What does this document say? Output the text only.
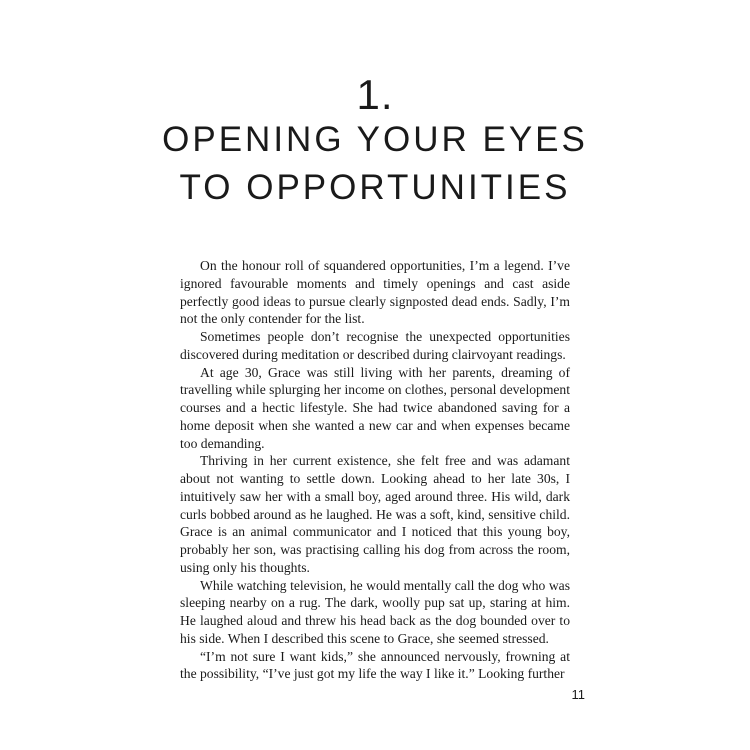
1.
OPENING YOUR EYES
TO OPPORTUNITIES

On the honour roll of squandered opportunities, I’m a legend. I’ve ignored favourable moments and timely openings and cast aside perfectly good ideas to pursue clearly signposted dead ends. Sadly, I’m not the only contender for the list.

Sometimes people don’t recognise the unexpected opportunities discovered during meditation or described during clairvoyant readings.

At age 30, Grace was still living with her parents, dreaming of travelling while splurging her income on clothes, personal development courses and a hectic lifestyle. She had twice abandoned saving for a home deposit when she wanted a new car and when expenses became too demanding.

Thriving in her current existence, she felt free and was adamant about not wanting to settle down. Looking ahead to her late 30s, I intuitively saw her with a small boy, aged around three. His wild, dark curls bobbed around as he laughed. He was a soft, kind, sensitive child. Grace is an animal communicator and I noticed that this young boy, probably her son, was practising calling his dog from across the room, using only his thoughts.

While watching television, he would mentally call the dog who was sleeping nearby on a rug. The dark, woolly pup sat up, staring at him. He laughed aloud and threw his head back as the dog bounded over to his side. When I described this scene to Grace, she seemed stressed.

“I’m not sure I want kids,” she announced nervously, frowning at the possibility, “I’ve just got my life the way I like it.” Looking further

11
